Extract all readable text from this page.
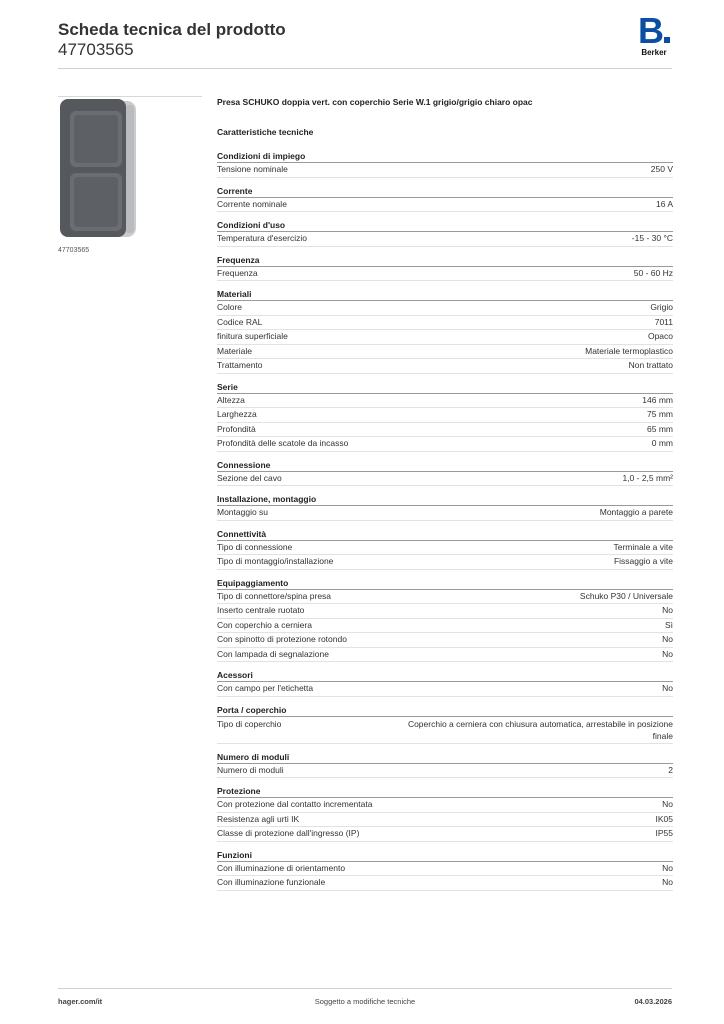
Scheda tecnica del prodotto
47703565	B
Berker
47703565
Presa SCHUKO doppia vert. con coperchio Serie W.1 grigio/grigio chiaro opac
Caratteristiche tecniche
Condizioni di impiego
Tensione nominale	250 V
Corrente
Corrente nominale	16 A
Condizioni d'uso
Temperatura d'esercizio	-15 - 30 °C
Frequenza
Frequenza	50 - 60 Hz
Materiali
Colore	Grigio
Codice RAL	7011
finitura superficiale	Opaco
Materiale	Materiale termoplastico
Trattamento	Non trattato
Serie
Altezza	146 mm
Larghezza	75 mm
Profondità	65 mm
Profondità delle scatole da incasso	0 mm
Connessione
Sezione del cavo	1,0 - 2,5 mm²
Installazione, montaggio
Montaggio su	Montaggio a parete
Connettività
Tipo di connessione	Terminale a vite
Tipo di montaggio/installazione	Fissaggio a vite
Equipaggiamento
Tipo di connettore/spina presa	Schuko P30 / Universale
Inserto centrale ruotato	No
Con coperchio a cerniera	Sì
Con spinotto di protezione rotondo	No
Con lampada di segnalazione	No
Acessori
Con campo per l'etichetta	No
Porta / coperchio
Tipo di coperchio	Coperchio a cerniera con chiusura automatica, arrestabile in posizione finale
Numero di moduli
Numero di moduli	2
Protezione
Con protezione dal contatto incrementata	No
Resistenza agli urti IK	IK05
Classe di protezione dall'ingresso (IP)	IP55
Funzioni
Con illuminazione di orientamento	No
Con illuminazione funzionale	No
hager.com/it	Soggetto a modifiche tecniche	04.03.2026
